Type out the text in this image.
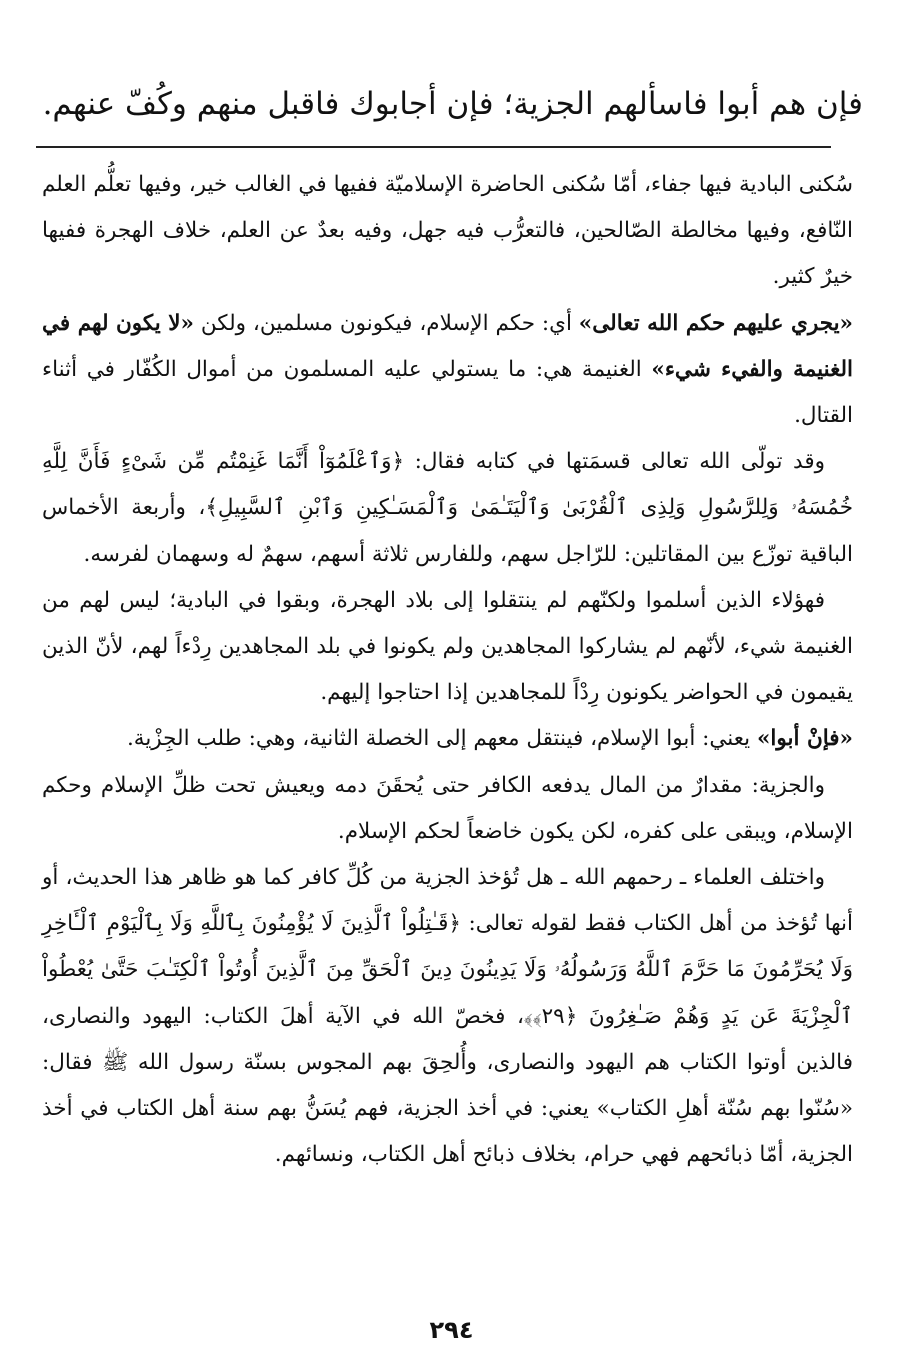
فإن هم أبوا فاسألهم الجزية؛ فإن أجابوك فاقبل منهم وكُفّ عنهم.

سُكنى البادية فيها جفاء، أمّا سُكنى الحاضرة الإسلاميّة ففيها في الغالب خير، وفيها تعلُّم العلم النّافع، وفيها مخالطة الصّالحين، فالتعرُّب فيه جهل، وفيه بعدٌ عن العلم، خلاف الهجرة ففيها خيرٌ كثير.

«يجري عليهم حكم الله تعالى» أي: حكم الإسلام، فيكونون مسلمين، ولكن «لا يكون لهم في الغنيمة والفيء شيء» الغنيمة هي: ما يستولي عليه المسلمون من أموال الكُفّار في أثناء القتال.

وقد تولّى الله تعالى قسمَتها في كتابه فقال: ﴿وَٱعْلَمُوٓاْ أَنَّمَا غَنِمْتُم مِّن شَىْءٍ فَأَنَّ لِلَّهِ خُمُسَهُۥ وَلِلرَّسُولِ وَلِذِى ٱلْقُرْبَىٰ وَٱلْيَتَـٰمَىٰ وَٱلْمَسَـٰكِينِ وَٱبْنِ ٱلسَّبِيلِ﴾، وأربعة الأخماس الباقية توزّع بين المقاتلين: للرّاجل سهم، وللفارس ثلاثة أسهم، سهمٌ له وسهمان لفرسه.

فهؤلاء الذين أسلموا ولكنّهم لم ينتقلوا إلى بلاد الهجرة، وبقوا في البادية؛ ليس لهم من الغنيمة شيء، لأنّهم لم يشاركوا المجاهدين ولم يكونوا في بلد المجاهدين رِدْءاً لهم، لأنّ الذين يقيمون في الحواضر يكونون رِدْاً للمجاهدين إذا احتاجوا إليهم.

«فإنْ أبوا» يعني: أبوا الإسلام، فينتقل معهم إلى الخصلة الثانية، وهي: طلب الجِزْية.

والجزية: مقدارٌ من المال يدفعه الكافر حتى يُحقَنَ دمه ويعيش تحت ظلِّ الإسلام وحكم الإسلام، ويبقى على كفره، لكن يكون خاضعاً لحكم الإسلام.

واختلف العلماء ـ رحمهم الله ـ هل تُؤخذ الجزية من كُلِّ كافر كما هو ظاهر هذا الحديث، أو أنها تُؤخذ من أهل الكتاب فقط لقوله تعالى: ﴿قَـٰتِلُواْ ٱلَّذِينَ لَا يُؤْمِنُونَ بِٱللَّهِ وَلَا بِٱلْيَوْمِ ٱلْـَٔاخِرِ وَلَا يُحَرِّمُونَ مَا حَرَّمَ ٱللَّهُ وَرَسُولُهُۥ وَلَا يَدِينُونَ دِينَ ٱلْحَقِّ مِنَ ٱلَّذِينَ أُوتُواْ ٱلْكِتَـٰبَ حَتَّىٰ يُعْطُواْ ٱلْجِزْيَةَ عَن يَدٍ وَهُمْ صَـٰغِرُونَ ﴿٢٩﴾﴾، فخصّ الله في الآية أهلَ الكتاب: اليهود والنصارى، فالذين أوتوا الكتاب هم اليهود والنصارى، وأُلحِقَ بهم المجوس بسنّة رسول الله ﷺ فقال: «سُنّوا بهم سُنّة أهلِ الكتاب» يعني: في أخذ الجزية، فهم يُسَنُّ بهم سنة أهل الكتاب في أخذ الجزية، أمّا ذبائحهم فهي حرام، بخلاف ذبائح أهل الكتاب، ونسائهم.

٢٩٤
